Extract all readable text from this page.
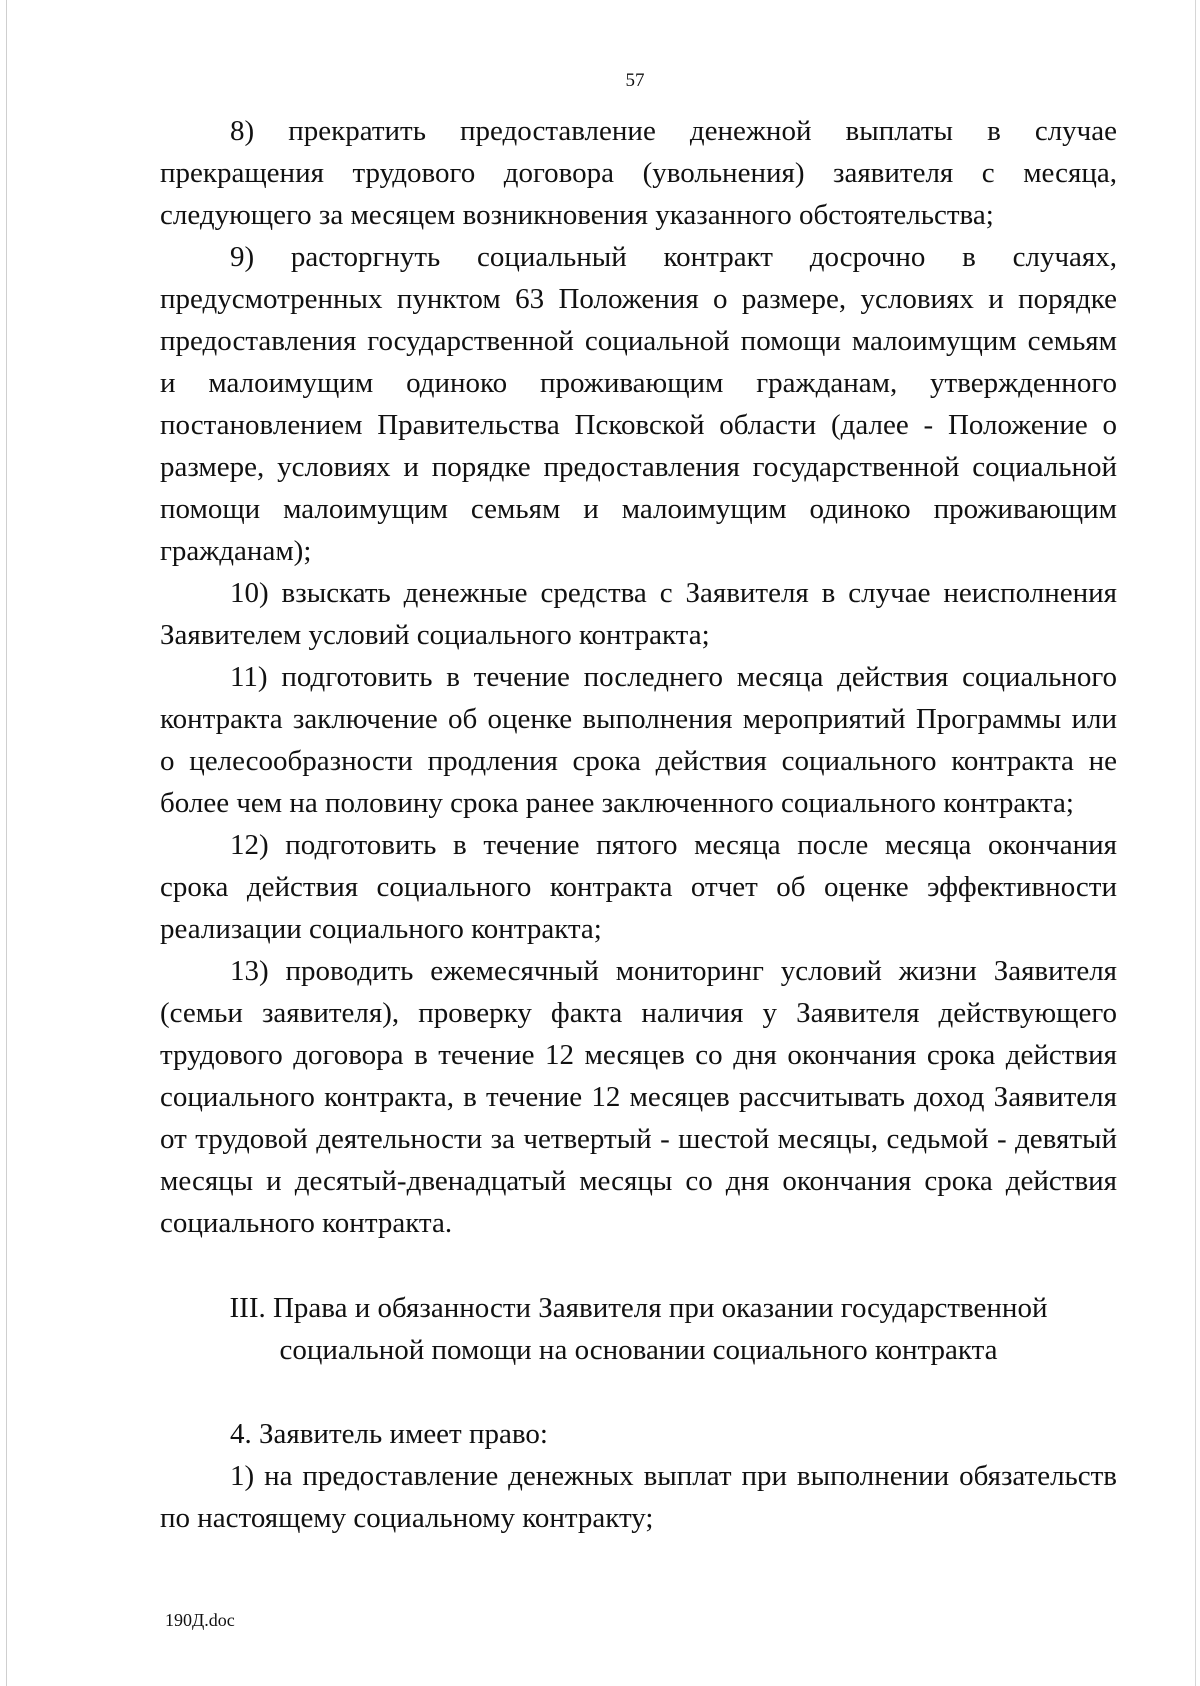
57

8) прекратить предоставление денежной выплаты в случае прекращения трудового договора (увольнения) заявителя с месяца, следующего за месяцем возникновения указанного обстоятельства;

9) расторгнуть социальный контракт досрочно в случаях, предусмотренных пунктом 63 Положения о размере, условиях и порядке предоставления государственной социальной помощи малоимущим семьям и малоимущим одиноко проживающим гражданам, утвержденного постановлением Правительства Псковской области (далее - Положение о размере, условиях и порядке предоставления государственной социальной помощи малоимущим семьям и малоимущим одиноко проживающим гражданам);

10) взыскать денежные средства с Заявителя в случае неисполнения Заявителем условий социального контракта;

11) подготовить в течение последнего месяца действия социального контракта заключение об оценке выполнения мероприятий Программы или о целесообразности продления срока действия социального контракта не более чем на половину срока ранее заключенного социального контракта;

12) подготовить в течение пятого месяца после месяца окончания срока действия социального контракта отчет об оценке эффективности реализации социального контракта;

13) проводить ежемесячный мониторинг условий жизни Заявителя (семьи заявителя), проверку факта наличия у Заявителя действующего трудового договора в течение 12 месяцев со дня окончания срока действия социального контракта, в течение 12 месяцев рассчитывать доход Заявителя от трудовой деятельности за четвертый - шестой месяцы, седьмой - девятый месяцы и десятый-двенадцатый месяцы со дня окончания срока действия социального контракта.

III. Права и обязанности Заявителя при оказании государственной
социальной помощи на основании социального контракта

4. Заявитель имеет право:

1) на предоставление денежных выплат при выполнении обязательств по настоящему социальному контракту;

190Д.doc
